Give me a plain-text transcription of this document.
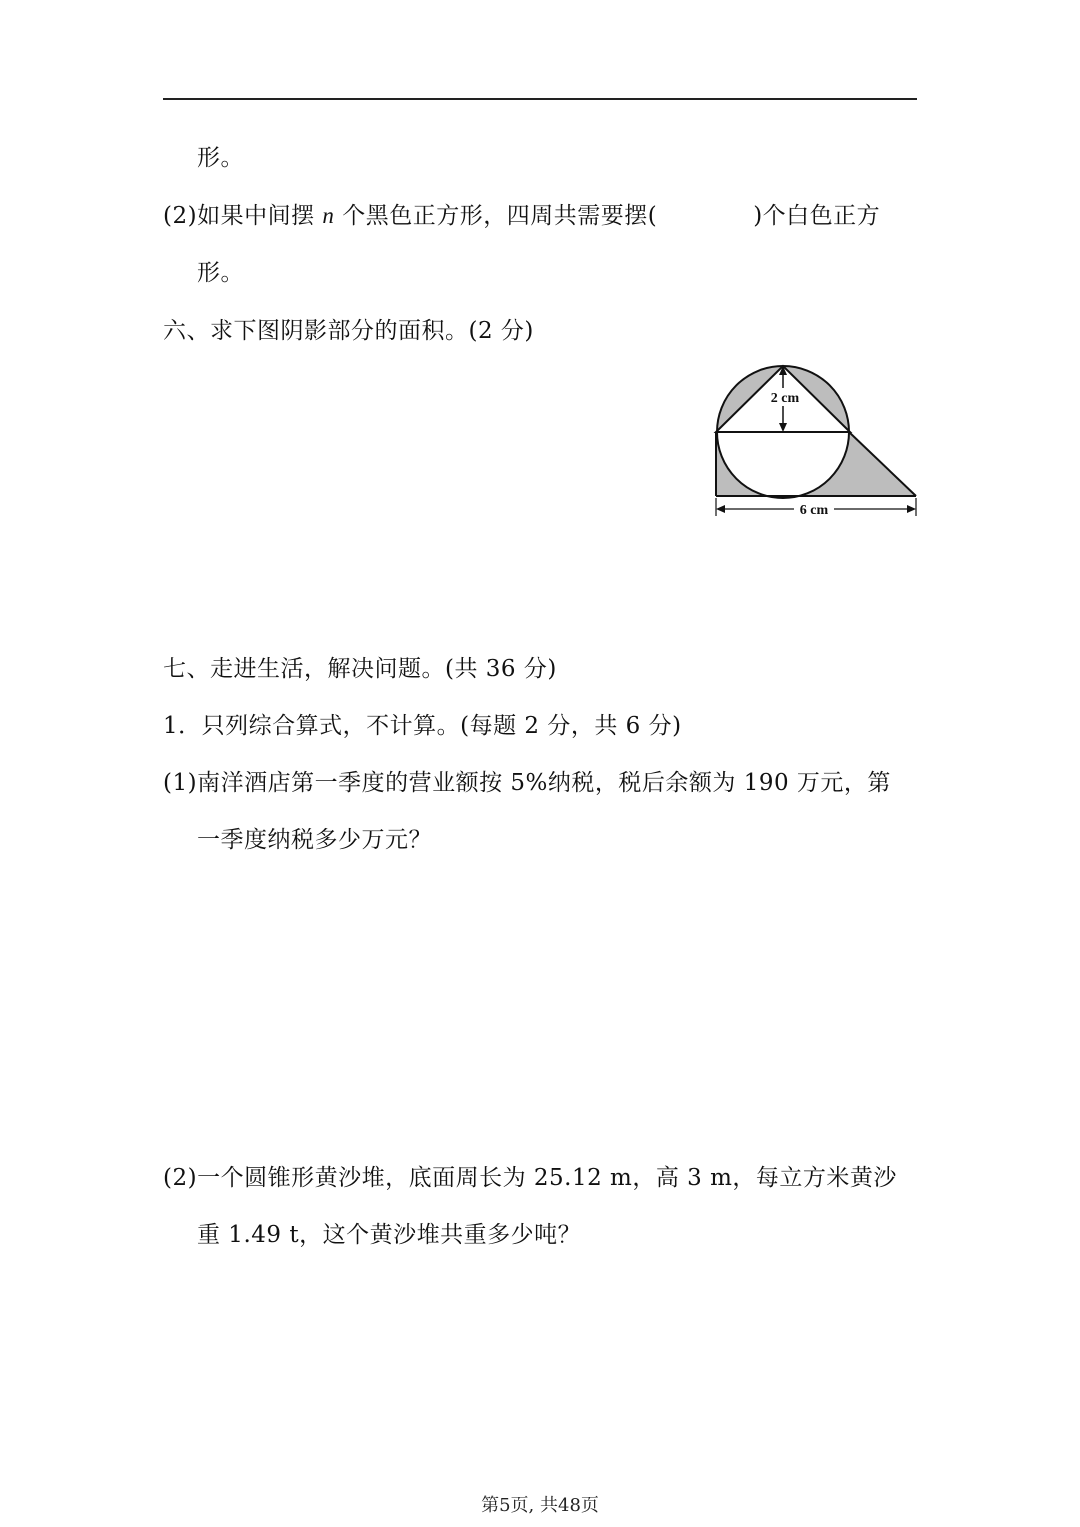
形。
(2)如果中间摆 n 个黑色正方形，四周共需要摆(	)个白色正方
形。
六、求下图阴影部分的面积。(2 分)
2 cm
6 cm
七、走进生活，解决问题。(共 36 分)
1．只列综合算式，不计算。(每题 2 分，共 6 分)
(1)南洋酒店第一季度的营业额按 5%纳税，税后余额为 190 万元，第
一季度纳税多少万元？
(2)一个圆锥形黄沙堆，底面周长为 25.12 m，高 3 m，每立方米黄沙
重 1.49 t，这个黄沙堆共重多少吨？
第5页, 共48页
